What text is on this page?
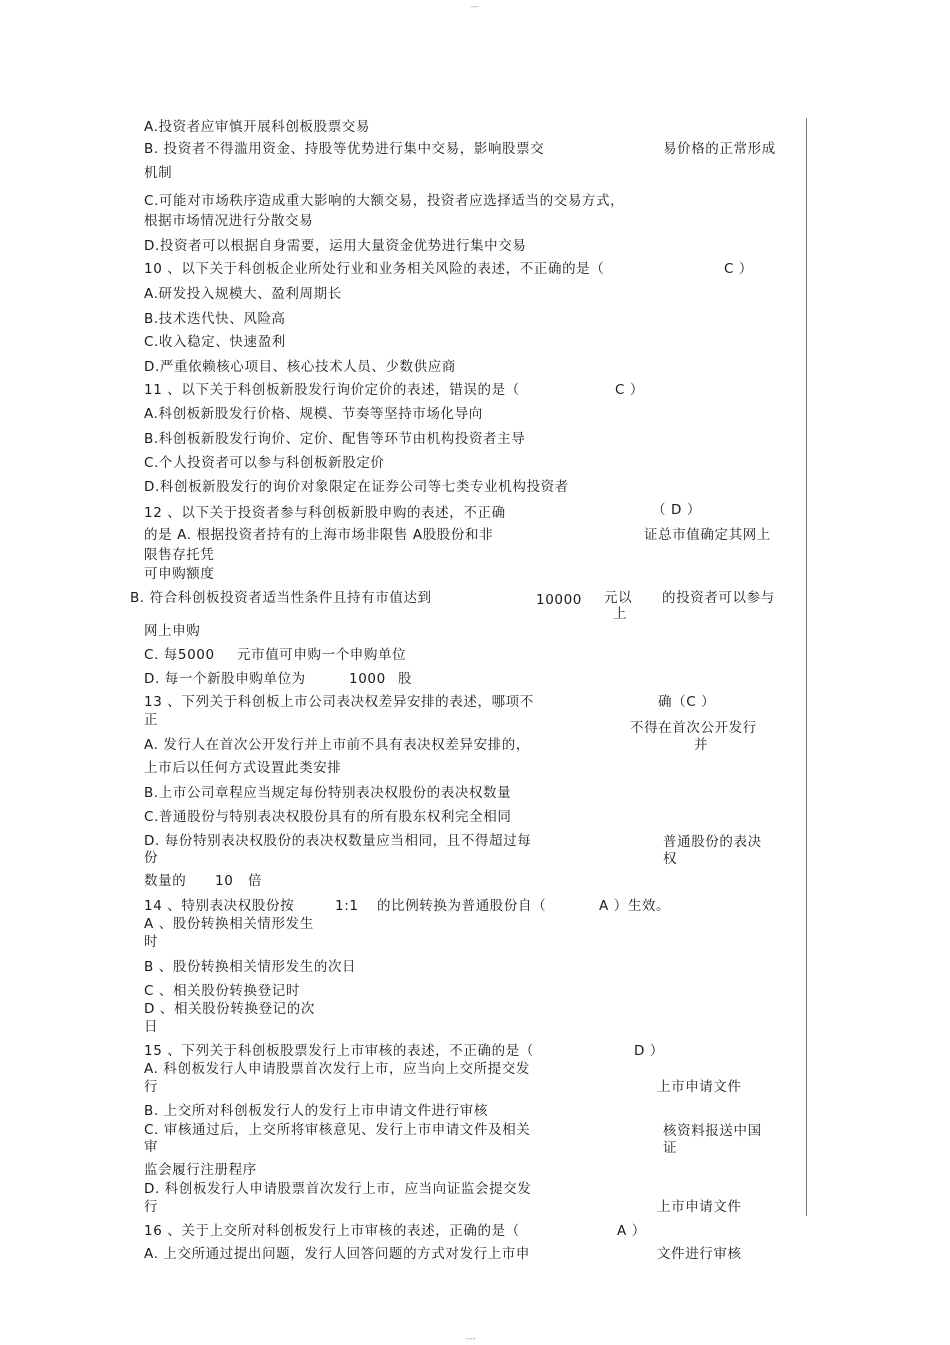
—
A.投资者应审慎开展科创板股票交易
B. 投资者不得滥用资金、持股等优势进行集中交易，影响股票交	易价格的正常形成
机制
C.可能对市场秩序造成重大影响的大额交易，投资者应选择适当的交易方式，
根据市场情况进行分散交易
D.投资者可以根据自身需要，运用大量资金优势进行集中交易
10 、以下关于科创板企业所处行业和业务相关风险的表述，不正确的是（	C ）
A.研发投入规模大、盈利周期长
B.技术迭代快、风险高
C.收入稳定、快速盈利
D.严重依赖核心项目、核心技术人员、少数供应商
11 、以下关于科创板新股发行询价定价的表述，错误的是（	C ）
A.科创板新股发行价格、规模、节奏等坚持市场化导向
B.科创板新股发行询价、定价、配售等环节由机构投资者主导
C.个人投资者可以参与科创板新股定价
D.科创板新股发行的询价对象限定在证券公司等七类专业机构投资者
（ D ）
12 、以下关于投资者参与科创板新股申购的表述，不正确
的是 A. 根据投资者持有的上海市场非限售 A股股份和非	证总市值确定其网上
限售存托凭
可申购额度
B. 符合科创板投资者适当性条件且持有市值达到	10000 元以
上
的投资者可以参与
网上申购
C. 每5000 元市值可申购一个申购单位
D. 每一个新股申购单位为	1000 股
13 、下列关于科创板上市公司表决权差异安排的表述，哪项不	确（C ）
正	不得在首次公开发行
并
A. 发行人在首次公开发行并上市前不具有表决权差异安排的，
上市后以任何方式设置此类安排
B.上市公司章程应当规定每份特别表决权股份的表决权数量
C.普通股份与特别表决权股份具有的所有股东权利完全相同
D. 每份特别表决权股份的表决权数量应当相同，且不得超过每	普通股份的表决
份	权
数量的 10 倍
14 、特别表决权股份按	1:1 的比例转换为普通股份自（	A ）生效。
A 、股份转换相关情形发生
时
B 、股份转换相关情形发生的次日
C 、相关股份转换登记时
D 、相关股份转换登记的次
日
15 、下列关于科创板股票发行上市审核的表述，不正确的是（	D ）
A. 科创板发行人申请股票首次发行上市，应当向上交所提交发
行	上市申请文件
B. 上交所对科创板发行人的发行上市申请文件进行审核
C. 审核通过后，上交所将审核意见、发行上市申请文件及相关	核资料报送中国
审	证
监会履行注册程序
D. 科创板发行人申请股票首次发行上市，应当向证监会提交发
行	上市申请文件
16 、关于上交所对科创板发行上市审核的表述，正确的是（	A ）
A. 上交所通过提出问题，发行人回答问题的方式对发行上市申	文件进行审核
---
